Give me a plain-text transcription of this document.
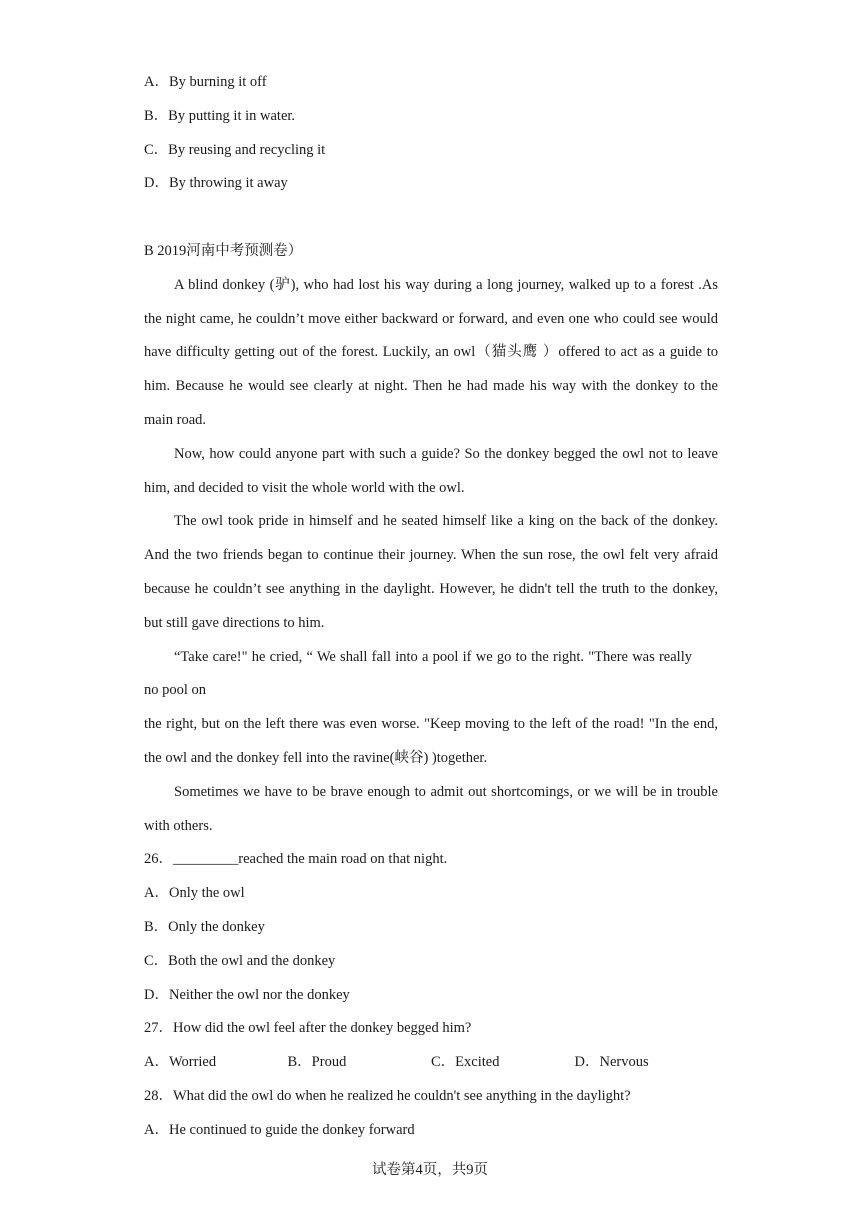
A．By burning it off
B．By putting it in water.
C．By reusing and recycling it
D．By throwing it away
B 2019河南中考预测卷）

A blind donkey (驴), who had lost his way during a long journey, walked up to a forest .As the night came, he couldn’t move either backward or forward, and even one who could see would have difficulty getting out of the forest. Luckily, an owl（猫头鹰 ）offered to act as a guide to him. Because he would see clearly at night. Then he had made his way with the donkey to the main road.

Now, how could anyone part with such a guide? So the donkey begged the owl not to leave him, and decided to visit the whole world with the owl.

The owl took pride in himself and he seated himself like a king on the back of the donkey. And the two friends began to continue their journey. When the sun rose, the owl felt very afraid because he couldn’t see anything in the daylight. However, he didn't tell the truth to the donkey, but still gave directions to him.

“Take care!" he cried, “ We shall fall into a pool if we go to the right. "There was really no pool on

the right, but on the left there was even worse. "Keep moving to the left of the road! "In the end, the owl and the donkey fell into the ravine(峡谷) )together.

Sometimes we have to be brave enough to admit out shortcomings, or we will be in trouble with others.

26．_________reached the main road on that night.
A．Only the owl
B．Only the donkey
C．Both the owl and the donkey
D．Neither the owl nor the donkey
27．How did the owl feel after the donkey begged him?
A．Worried	B．Proud	C．Excited	D．Nervous
28．What did the owl do when he realized he couldn't see anything in the daylight?
A．He continued to guide the donkey forward
试卷第4页，共9页
